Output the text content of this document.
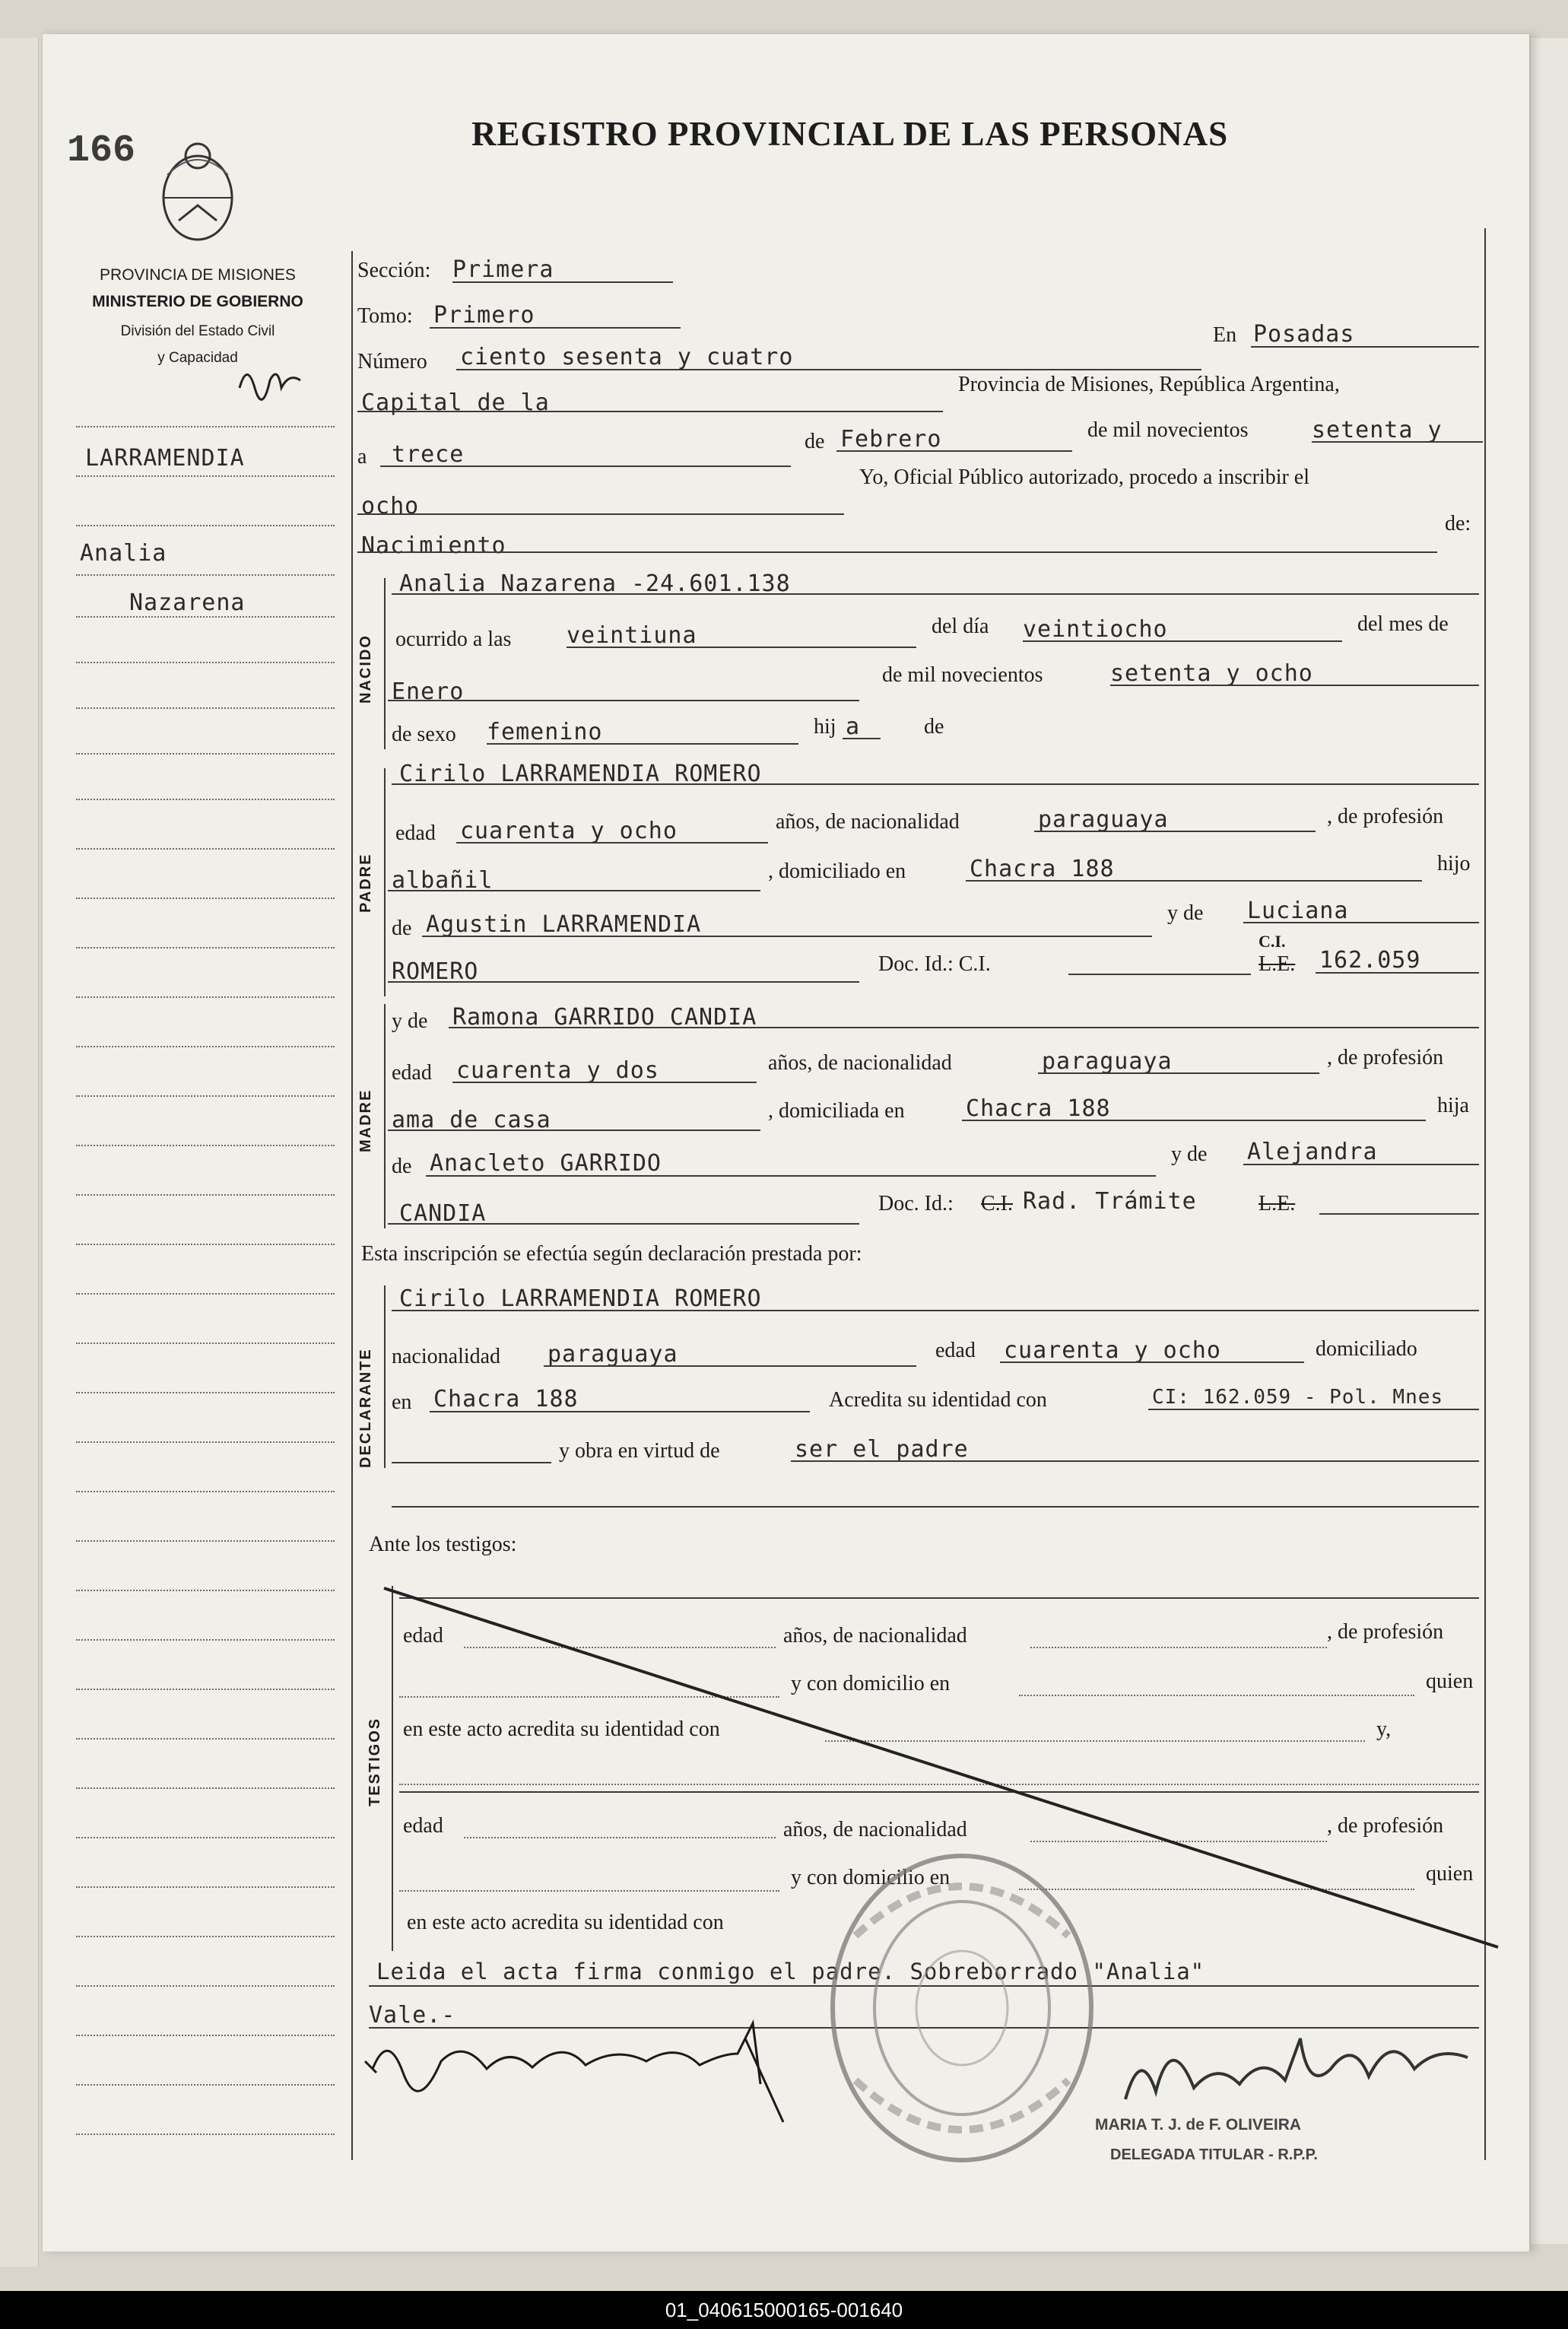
166	REGISTRO PROVINCIAL DE LAS PERSONAS
PROVINCIA DE MISIONES
MINISTERIO DE GOBIERNO
División del Estado Civil
y Capacidad
LARRAMENDIA
Analia
Nazarena
Sección: Primera
Tomo: Primero
Número ciento sesenta y cuatro
En Posadas
Capital de la
Provincia de Misiones, República Argentina,
a trece	de Febrero	de mil novecientos	setenta y
ocho
Yo, Oficial Público autorizado, procedo a inscribir el
Nacimiento
de:
NACIDO
Analia Nazarena -24.601.138
ocurrido a las veintiuna	del día veintiocho	del mes de
Enero
de mil novecientos	setenta y ocho
de sexo femenino	hij a	de
PADRE
Cirilo LARRAMENDIA ROMERO
edad cuarenta y ocho	años, de nacionalidad	paraguaya	, de profesión
albañil	, domiciliado en	Chacra 188	hijo
de Agustin LARRAMENDIA	y de Luciana
ROMERO	Doc. Id.: C.I.
C.I.
L.E. 162.059
MADRE
y de Ramona GARRIDO CANDIA
edad cuarenta y dos	años, de nacionalidad	paraguaya	, de profesión
ama de casa	, domiciliada en	Chacra 188	hija
de Anacleto GARRIDO	y de Alejandra
CANDIA	Doc. Id.: C.I. Rad. Trámite	L.E.
Esta inscripción se efectúa según declaración prestada por:
DECLARANTE
Cirilo LARRAMENDIA ROMERO
nacionalidad paraguaya	edad cuarenta y ocho	domiciliado
en Chacra 188	Acredita su identidad con	CI: 162.059 - Pol. Mnes
y obra en virtud de	ser el padre
Ante los testigos:
TESTIGOS
edad	años, de nacionalidad	, de profesión
y con domicilio en	quien
en este acto acredita su identidad con	y,
edad	años, de nacionalidad	, de profesión
y con domicilio en	quien
en este acto acredita su identidad con
Leida el acta firma conmigo el padre. Sobreborrado "Analia"
Vale.-
MARIA T. J. de F. OLIVEIRA
DELEGADA TITULAR - R.P.P.
01_040615000165-001640
